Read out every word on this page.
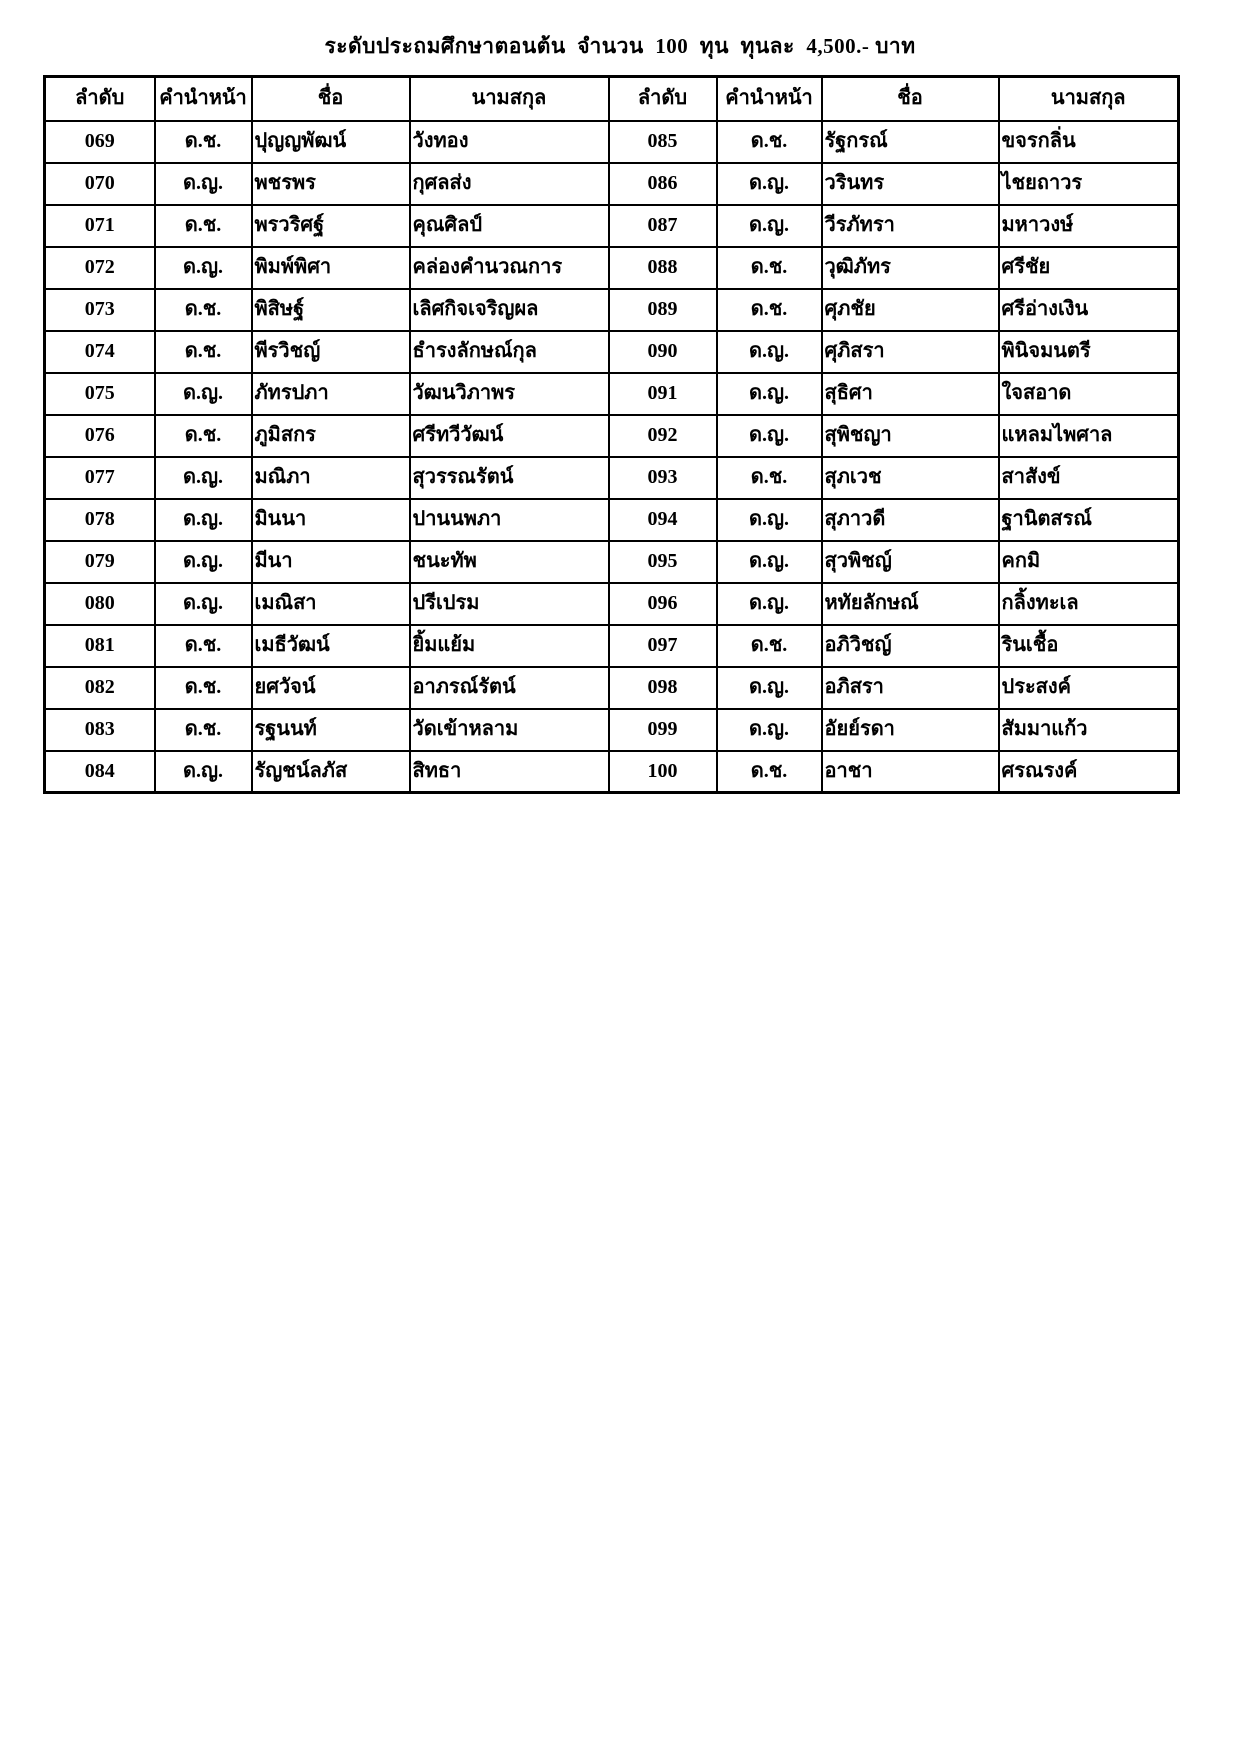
ระดับประถมศึกษาตอนต้น  จำนวน  100  ทุน  ทุนละ  4,500.- บาท
ลำดับ	คำนำหน้า	ชื่อ	นามสกุล	ลำดับ	คำนำหน้า	ชื่อ	นามสกุล
069	ด.ช.	ปุญญพัฒน์	วังทอง	085	ด.ช.	รัฐกรณ์	ขจรกลิ่น
070	ด.ญ.	พชรพร	กุศลส่ง	086	ด.ญ.	วรินทร	ไชยถาวร
071	ด.ช.	พรวริศฐ์	คุณศิลป์	087	ด.ญ.	วีรภัทรา	มหาวงษ์
072	ด.ญ.	พิมพ์พิศา	คล่องคำนวณการ	088	ด.ช.	วุฒิภัทร	ศรีชัย
073	ด.ช.	พิสิษฐ์	เลิศกิจเจริญผล	089	ด.ช.	ศุภชัย	ศรีอ่างเงิน
074	ด.ช.	พีรวิชญ์	ธำรงลักษณ์กุล	090	ด.ญ.	ศุภิสรา	พินิจมนตรี
075	ด.ญ.	ภัทรปภา	วัฒนวิภาพร	091	ด.ญ.	สุธิศา	ใจสอาด
076	ด.ช.	ภูมิสกร	ศรีทวีวัฒน์	092	ด.ญ.	สุพิชญา	แหลมไพศาล
077	ด.ญ.	มณิภา	สุวรรณรัตน์	093	ด.ช.	สุภเวช	สาสังข์
078	ด.ญ.	มินนา	ปานนพภา	094	ด.ญ.	สุภาวดี	ฐานิตสรณ์
079	ด.ญ.	มีนา	ชนะทัพ	095	ด.ญ.	สุวพิชญ์	คกมิ
080	ด.ญ.	เมณิสา	ปรีเปรม	096	ด.ญ.	หทัยลักษณ์	กลิ้งทะเล
081	ด.ช.	เมธีวัฒน์	ยิ้มแย้ม	097	ด.ช.	อภิวิชญ์	รินเชื้อ
082	ด.ช.	ยศวัจน์	อาภรณ์รัตน์	098	ด.ญ.	อภิสรา	ประสงค์
083	ด.ช.	รฐนนท์	วัดเข้าหลาม	099	ด.ญ.	อัยย์รดา	สัมมาแก้ว
084	ด.ญ.	รัญชน์ลภัส	สิทธา	100	ด.ช.	อาชา	ศรณรงค์
